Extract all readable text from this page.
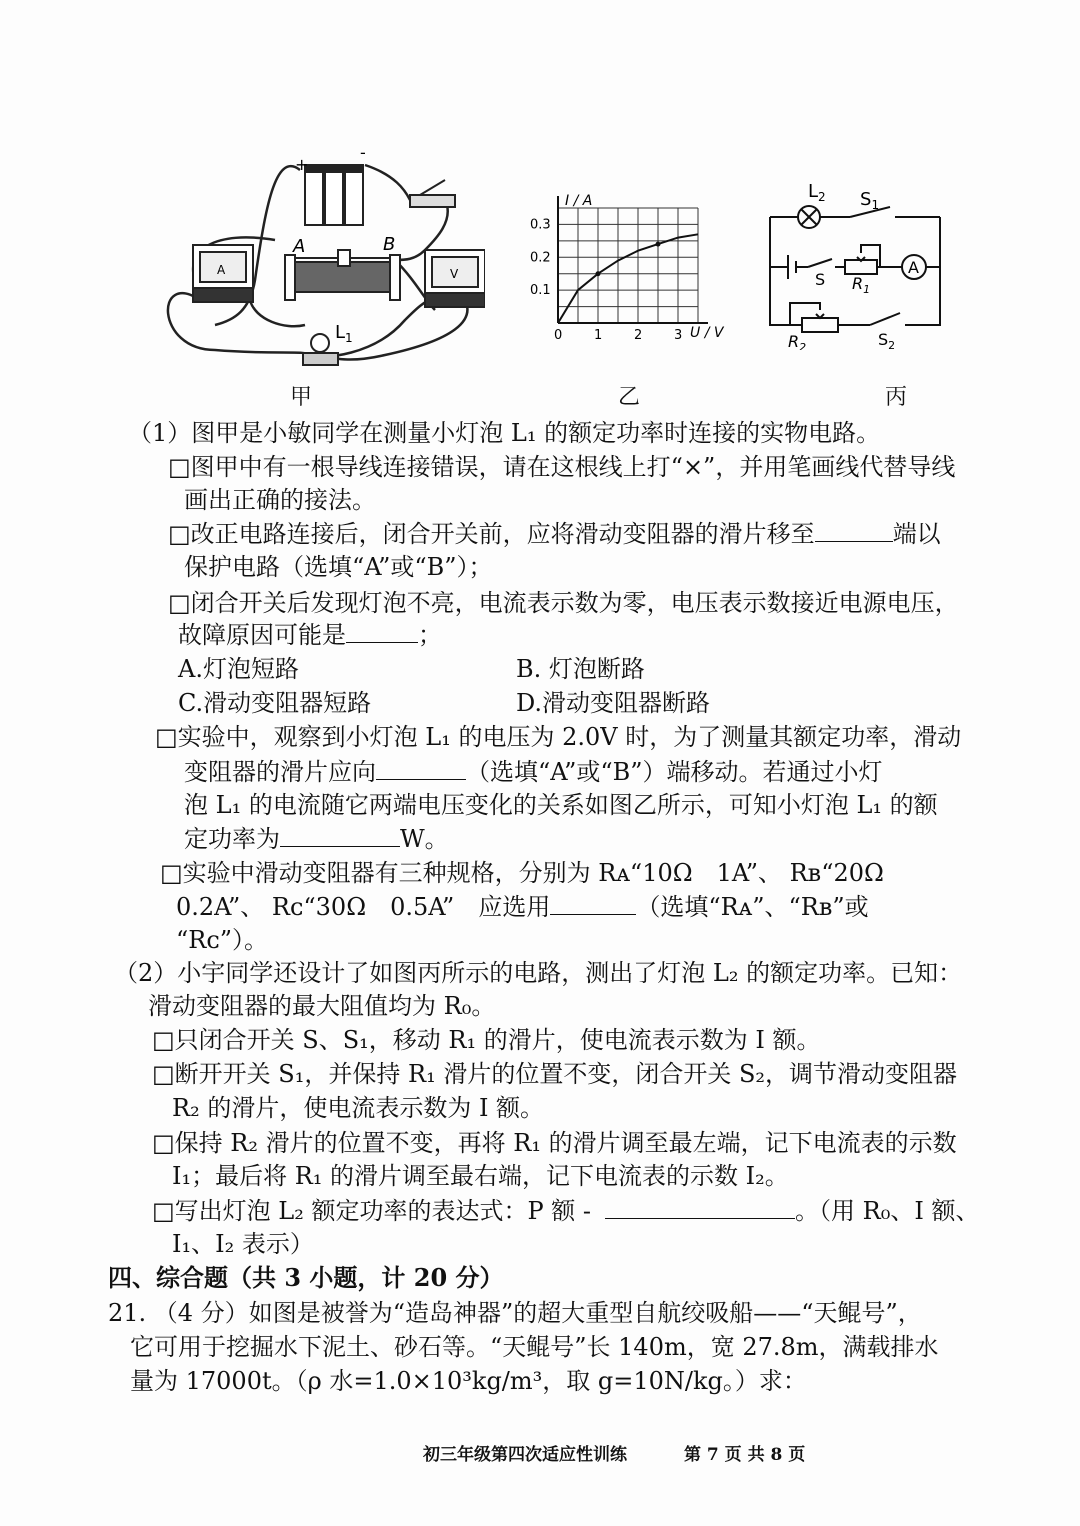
+
-
A	V
A	B
$L_1$
甲
0 1 2 3
0.1
0.2
0.3
I / A
U / V
乙
$L_2$ $S_1$
S $R_1$
A
$R_2$	$S_2$
丙
（1）图甲是小敏同学在测量小灯泡 L₁ 的额定功率时连接的实物电路。
□图甲中有一根导线连接错误，请在这根线上打“×”，并用笔画线代替导线
画出正确的接法。
□改正电路连接后，闭合开关前，应将滑动变阻器的滑片移至	端以
保护电路（选填“A”或“B”）；
□闭合开关后发现灯泡不亮，电流表示数为零，电压表示数接近电源电压，
故障原因可能是	；
A.灯泡短路	B. 灯泡断路
C.滑动变阻器短路	D.滑动变阻器断路
□实验中，观察到小灯泡 L₁ 的电压为 2.0V 时，为了测量其额定功率，滑动
变阻器的滑片应向	（选填“A”或“B”）端移动。若通过小灯
泡 L₁ 的电流随它两端电压变化的关系如图乙所示，可知小灯泡 L₁ 的额
定功率为	W。
□实验中滑动变阻器有三种规格，分别为 Rᴀ“10Ω　1A”、 Rʙ“20Ω
0.2A”、 Rᴄ“30Ω　0.5A”　应选用	（选填“Rᴀ”、“Rʙ”或
“Rᴄ”）。
（2）小宇同学还设计了如图丙所示的电路，测出了灯泡 L₂ 的额定功率。已知：
滑动变阻器的最大阻值均为 R₀。
□只闭合开关 S、S₁，移动 R₁ 的滑片，使电流表示数为 I 额。
□断开开关 S₁，并保持 R₁ 滑片的位置不变，闭合开关 S₂，调节滑动变阻器
R₂ 的滑片，使电流表示数为 I 额。
□保持 R₂ 滑片的位置不变，再将 R₁ 的滑片调至最左端，记下电流表的示数
I₁；最后将 R₁ 的滑片调至最右端，记下电流表的示数 I₂。
□写出灯泡 L₂ 额定功率的表达式：P 额 -	。（用 R₀、I 额、
I₁、I₂ 表示）
四、综合题（共 3 小题，计 20 分）
21. （4 分）如图是被誉为“造岛神器”的超大重型自航绞吸船——“天鲲号”，
它可用于挖掘水下泥土、砂石等。“天鲲号”长 140m，宽 27.8m，满载排水
量为 17000t。（ρ 水=1.0×10³kg/m³，取 g=10N/kg。）求：
初三年级第四次适应性训练	第 7 页 共 8 页
